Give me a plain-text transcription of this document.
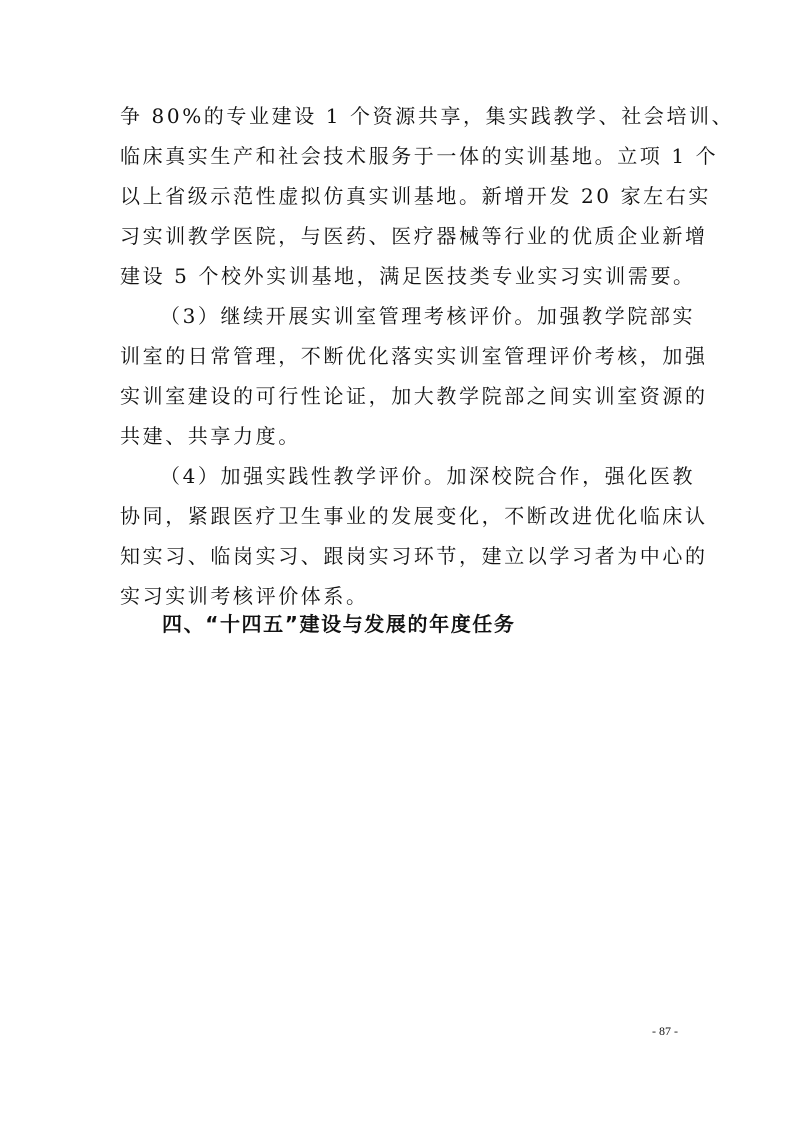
争 80%的专业建设 1 个资源共享，集实践教学、社会培训、
临床真实生产和社会技术服务于一体的实训基地。立项 1 个
以上省级示范性虚拟仿真实训基地。新增开发 20 家左右实
习实训教学医院，与医药、医疗器械等行业的优质企业新增
建设 5 个校外实训基地，满足医技类专业实习实训需要。
（3）继续开展实训室管理考核评价。加强教学院部实
训室的日常管理，不断优化落实实训室管理评价考核，加强
实训室建设的可行性论证，加大教学院部之间实训室资源的
共建、共享力度。
（4）加强实践性教学评价。加深校院合作，强化医教
协同，紧跟医疗卫生事业的发展变化，不断改进优化临床认
知实习、临岗实习、跟岗实习环节，建立以学习者为中心的
实习实训考核评价体系。
四、“十四五”建设与发展的年度任务
- 87 -
